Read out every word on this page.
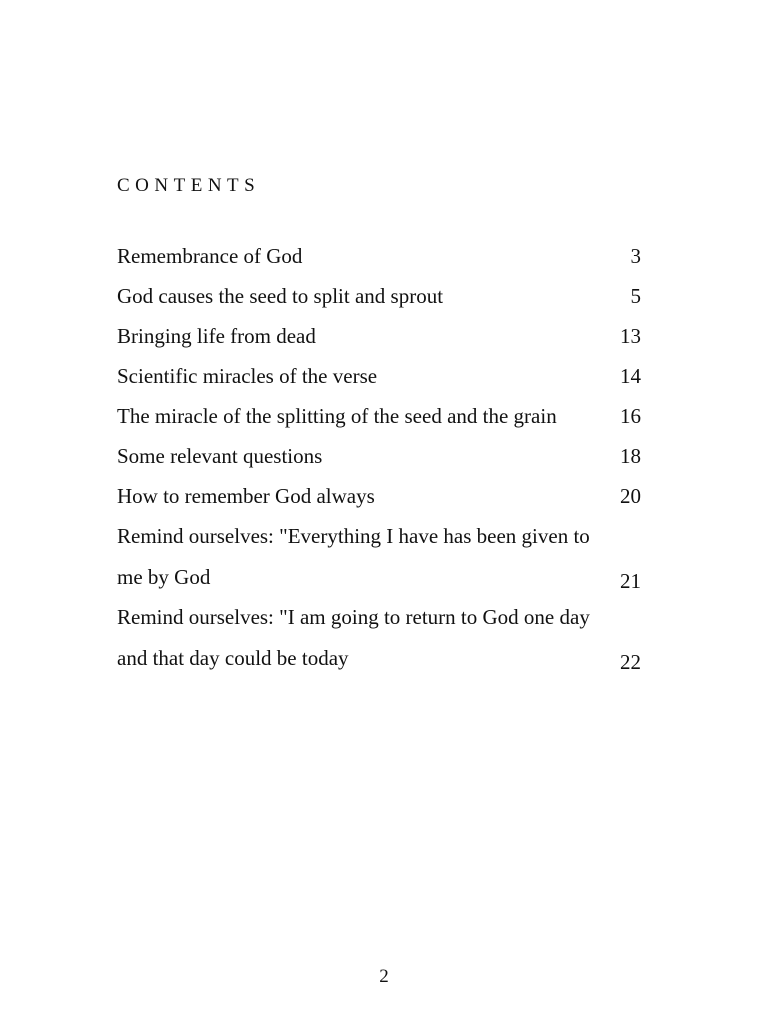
CONTENTS
Remembrance of God	3
God causes the seed to split and sprout	5
Bringing life from dead	13
Scientific miracles of the verse	14
The miracle of the splitting of the seed and the grain	16
Some relevant questions	18
How to remember God always	20
Remind ourselves: "Everything I have has been given to me by God	21
Remind ourselves: "I am going to return to God one day and that day could be today	22
2
